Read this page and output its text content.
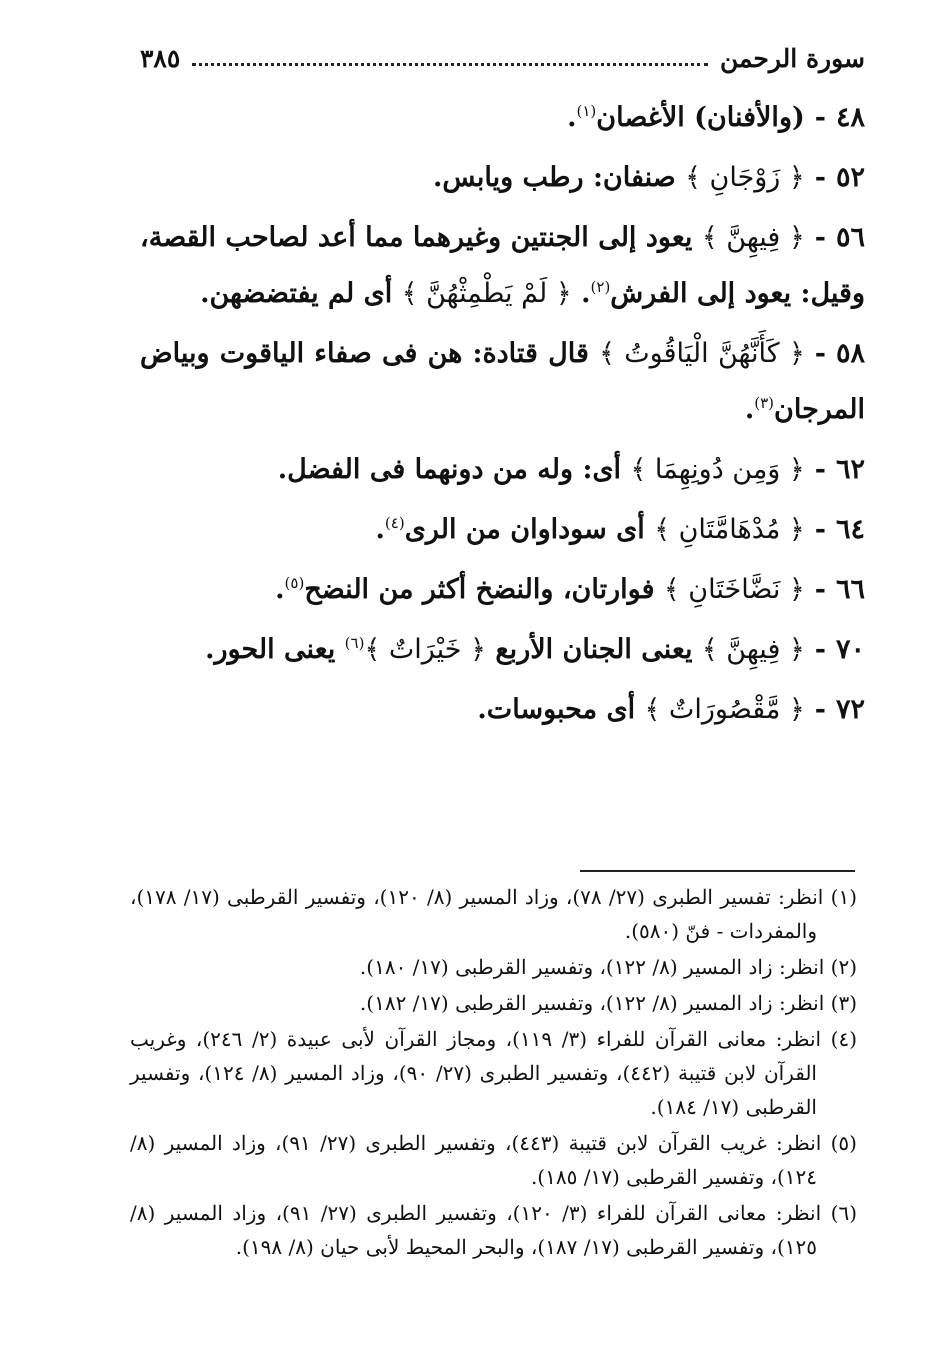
سورة الرحمن
٣٨٥
٤٨-(والأفنان) الأغصان$^{(١)}$.
٥٢-﴿ زَوْجَانِ ﴾ صنفان: رطب ويابس.
٥٦-﴿ فِيهِنَّ ﴾ يعود إلى الجنتين وغيرهما مما أعد لصاحب القصة، وقيل: يعود إلى الفرش$^{(٢)}$. ﴿ لَمْ يَطْمِثْهُنَّ ﴾ أى لم يفتضضهن.
٥٨-﴿ كَأَنَّهُنَّ الْيَاقُوتُ ﴾ قال قتادة: هن فى صفاء الياقوت وبياض المرجان$^{(٣)}$.
٦٢-﴿ وَمِن دُونِهِمَا ﴾ أى: وله من دونهما فى الفضل.
٦٤-﴿ مُدْهَامَّتَانِ ﴾ أى سوداوان من الرى$^{(٤)}$.
٦٦-﴿ نَضَّاخَتَانِ ﴾ فوارتان، والنضخ أكثر من النضح$^{(٥)}$.
٧٠-﴿ فِيهِنَّ ﴾ يعنى الجنان الأربع ﴿ خَيْرَاتٌ ﴾$^{(٦)}$ يعنى الحور.
٧٢-﴿ مَّقْصُورَاتٌ ﴾ أى محبوسات.
(١) انظر: تفسير الطبرى (٢٧/ ٧٨)، وزاد المسير (٨/ ١٢٠)، وتفسير القرطبى (١٧/ ١٧٨)، والمفردات - فنّ (٥٨٠).
(٢) انظر: زاد المسير (٨/ ١٢٢)، وتفسير القرطبى (١٧/ ١٨٠).
(٣) انظر: زاد المسير (٨/ ١٢٢)، وتفسير القرطبى (١٧/ ١٨٢).
(٤) انظر: معانى القرآن للفراء (٣/ ١١٩)، ومجاز القرآن لأبى عبيدة (٢/ ٢٤٦)، وغريب القرآن لابن قتيبة (٤٤٢)، وتفسير الطبرى (٢٧/ ٩٠)، وزاد المسير (٨/ ١٢٤)، وتفسير القرطبى (١٧/ ١٨٤).
(٥) انظر: غريب القرآن لابن قتيبة (٤٤٣)، وتفسير الطبرى (٢٧/ ٩١)، وزاد المسير (٨/ ١٢٤)، وتفسير القرطبى (١٧/ ١٨٥).
(٦) انظر: معانى القرآن للفراء (٣/ ١٢٠)، وتفسير الطبرى (٢٧/ ٩١)، وزاد المسير (٨/ ١٢٥)، وتفسير القرطبى (١٧/ ١٨٧)، والبحر المحيط لأبى حيان (٨/ ١٩٨).
